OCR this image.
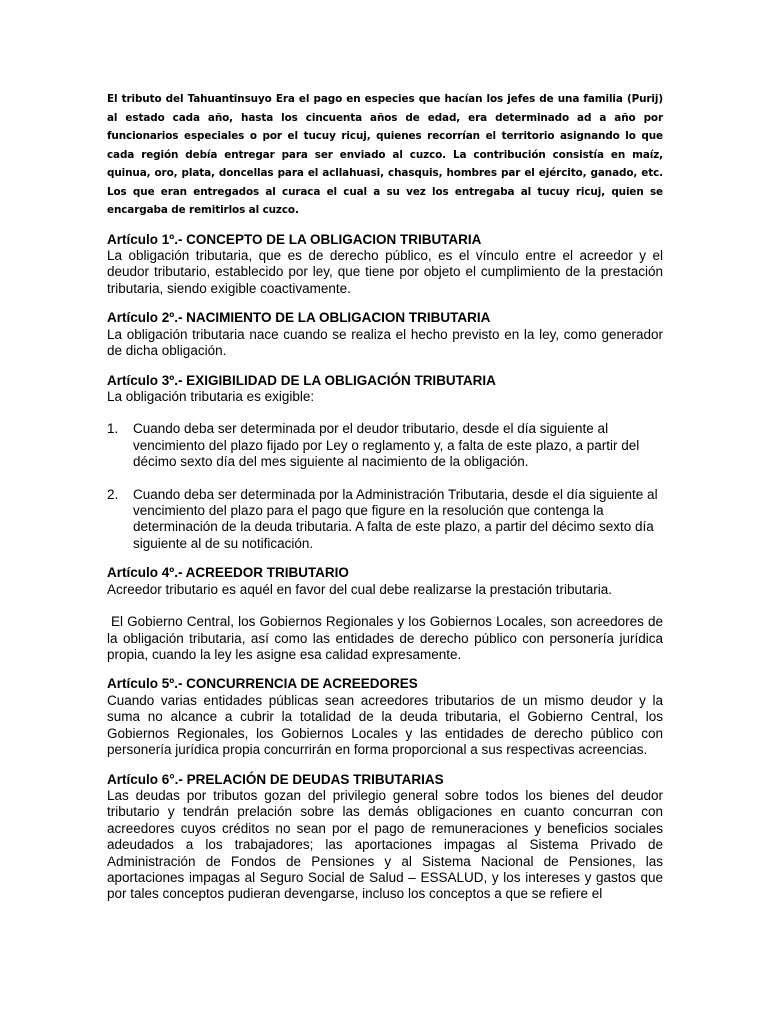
El tributo del Tahuantinsuyo Era el pago en especies que hacían los jefes de una familia (Purij) al estado cada año, hasta los cincuenta años de edad, era determinado ad a año por funcionarios especiales o por el tucuy ricuj, quienes recorrían el territorio asignando lo que cada región debía entregar para ser enviado al cuzco. La contribución consistía en maíz, quinua, oro, plata, doncellas para el acllahuasi, chasquis, hombres par el ejército, ganado, etc. Los que eran entregados al curaca el cual a su vez los entregaba al tucuy ricuj, quien se encargaba de remitirlos al cuzco.

Artículo 1º.- CONCEPTO DE LA OBLIGACION TRIBUTARIA

La obligación tributaria, que es de derecho público, es el vínculo entre el acreedor y el deudor tributario, establecido por ley, que tiene por objeto el cumplimiento de la prestación tributaria, siendo exigible coactivamente.

Artículo 2º.- NACIMIENTO DE LA OBLIGACION TRIBUTARIA

La obligación tributaria nace cuando se realiza el hecho previsto en la ley, como generador de dicha obligación.

Artículo 3º.- EXIGIBILIDAD DE LA OBLIGACIÓN TRIBUTARIA

La obligación tributaria es exigible:

1. Cuando deba ser determinada por el deudor tributario, desde el día siguiente al vencimiento del plazo fijado por Ley o reglamento y, a falta de este plazo, a partir del décimo sexto día del mes siguiente al nacimiento de la obligación.
2. Cuando deba ser determinada por la Administración Tributaria, desde el día siguiente al vencimiento del plazo para el pago que figure en la resolución que contenga la determinación de la deuda tributaria. A falta de este plazo, a partir del décimo sexto día siguiente al de su notificación.

Artículo 4º.- ACREEDOR TRIBUTARIO

Acreedor tributario es aquél en favor del cual debe realizarse la prestación tributaria.

El Gobierno Central, los Gobiernos Regionales y los Gobiernos Locales, son acreedores de la obligación tributaria, así como las entidades de derecho público con personería jurídica propia, cuando la ley les asigne esa calidad expresamente.

Artículo 5º.- CONCURRENCIA DE ACREEDORES

Cuando varias entidades públicas sean acreedores tributarios de un mismo deudor y la suma no alcance a cubrir la totalidad de la deuda tributaria, el Gobierno Central, los Gobiernos Regionales, los Gobiernos Locales y las entidades de derecho público con personería jurídica propia concurrirán en forma proporcional a sus respectivas acreencias.

Artículo 6°.- PRELACIÓN DE DEUDAS TRIBUTARIAS

Las deudas por tributos gozan del privilegio general sobre todos los bienes del deudor tributario y tendrán prelación sobre las demás obligaciones en cuanto concurran con acreedores cuyos créditos no sean por el pago de remuneraciones y beneficios sociales adeudados a los trabajadores; las aportaciones impagas al Sistema Privado de Administración de Fondos de Pensiones y al Sistema Nacional de Pensiones, las aportaciones impagas al Seguro Social de Salud – ESSALUD, y los intereses y gastos que por tales conceptos pudieran devengarse, incluso los conceptos a que se refiere el
